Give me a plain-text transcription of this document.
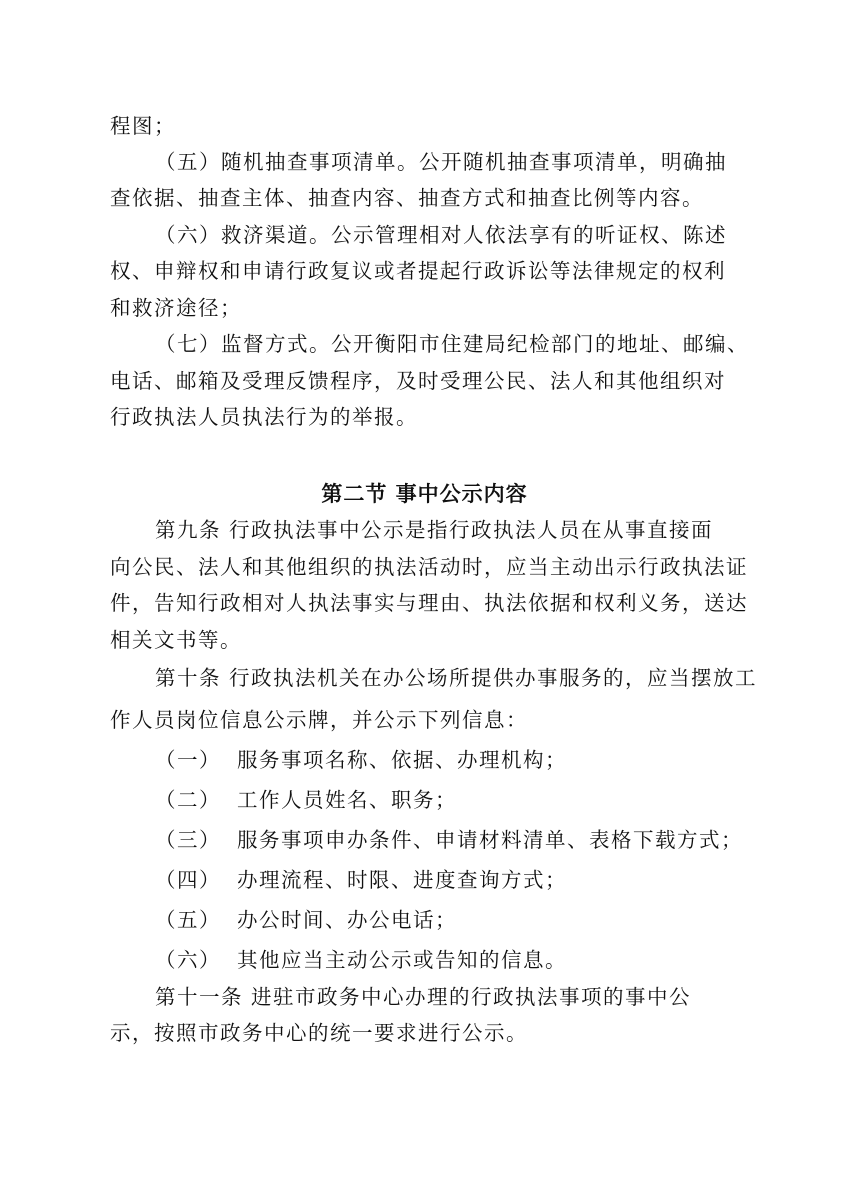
程图；
（五）随机抽查事项清单。公开随机抽查事项清单，明确抽
查依据、抽查主体、抽查内容、抽查方式和抽查比例等内容。
（六）救济渠道。公示管理相对人依法享有的听证权、陈述
权、申辩权和申请行政复议或者提起行政诉讼等法律规定的权利
和救济途径；
（七）监督方式。公开衡阳市住建局纪检部门的地址、邮编、
电话、邮箱及受理反馈程序，及时受理公民、法人和其他组织对
行政执法人员执法行为的举报。
第二节 事中公示内容
第九条 行政执法事中公示是指行政执法人员在从事直接面
向公民、法人和其他组织的执法活动时，应当主动出示行政执法证
件，告知行政相对人执法事实与理由、执法依据和权利义务，送达
相关文书等。
第十条 行政执法机关在办公场所提供办事服务的，应当摆放工
作人员岗位信息公示牌，并公示下列信息：
（一） 服务事项名称、依据、办理机构；
（二） 工作人员姓名、职务；
（三） 服务事项申办条件、申请材料清单、表格下载方式；
（四） 办理流程、时限、进度查询方式；
（五） 办公时间、办公电话；
（六） 其他应当主动公示或告知的信息。
第十一条 进驻市政务中心办理的行政执法事项的事中公
示，按照市政务中心的统一要求进行公示。
